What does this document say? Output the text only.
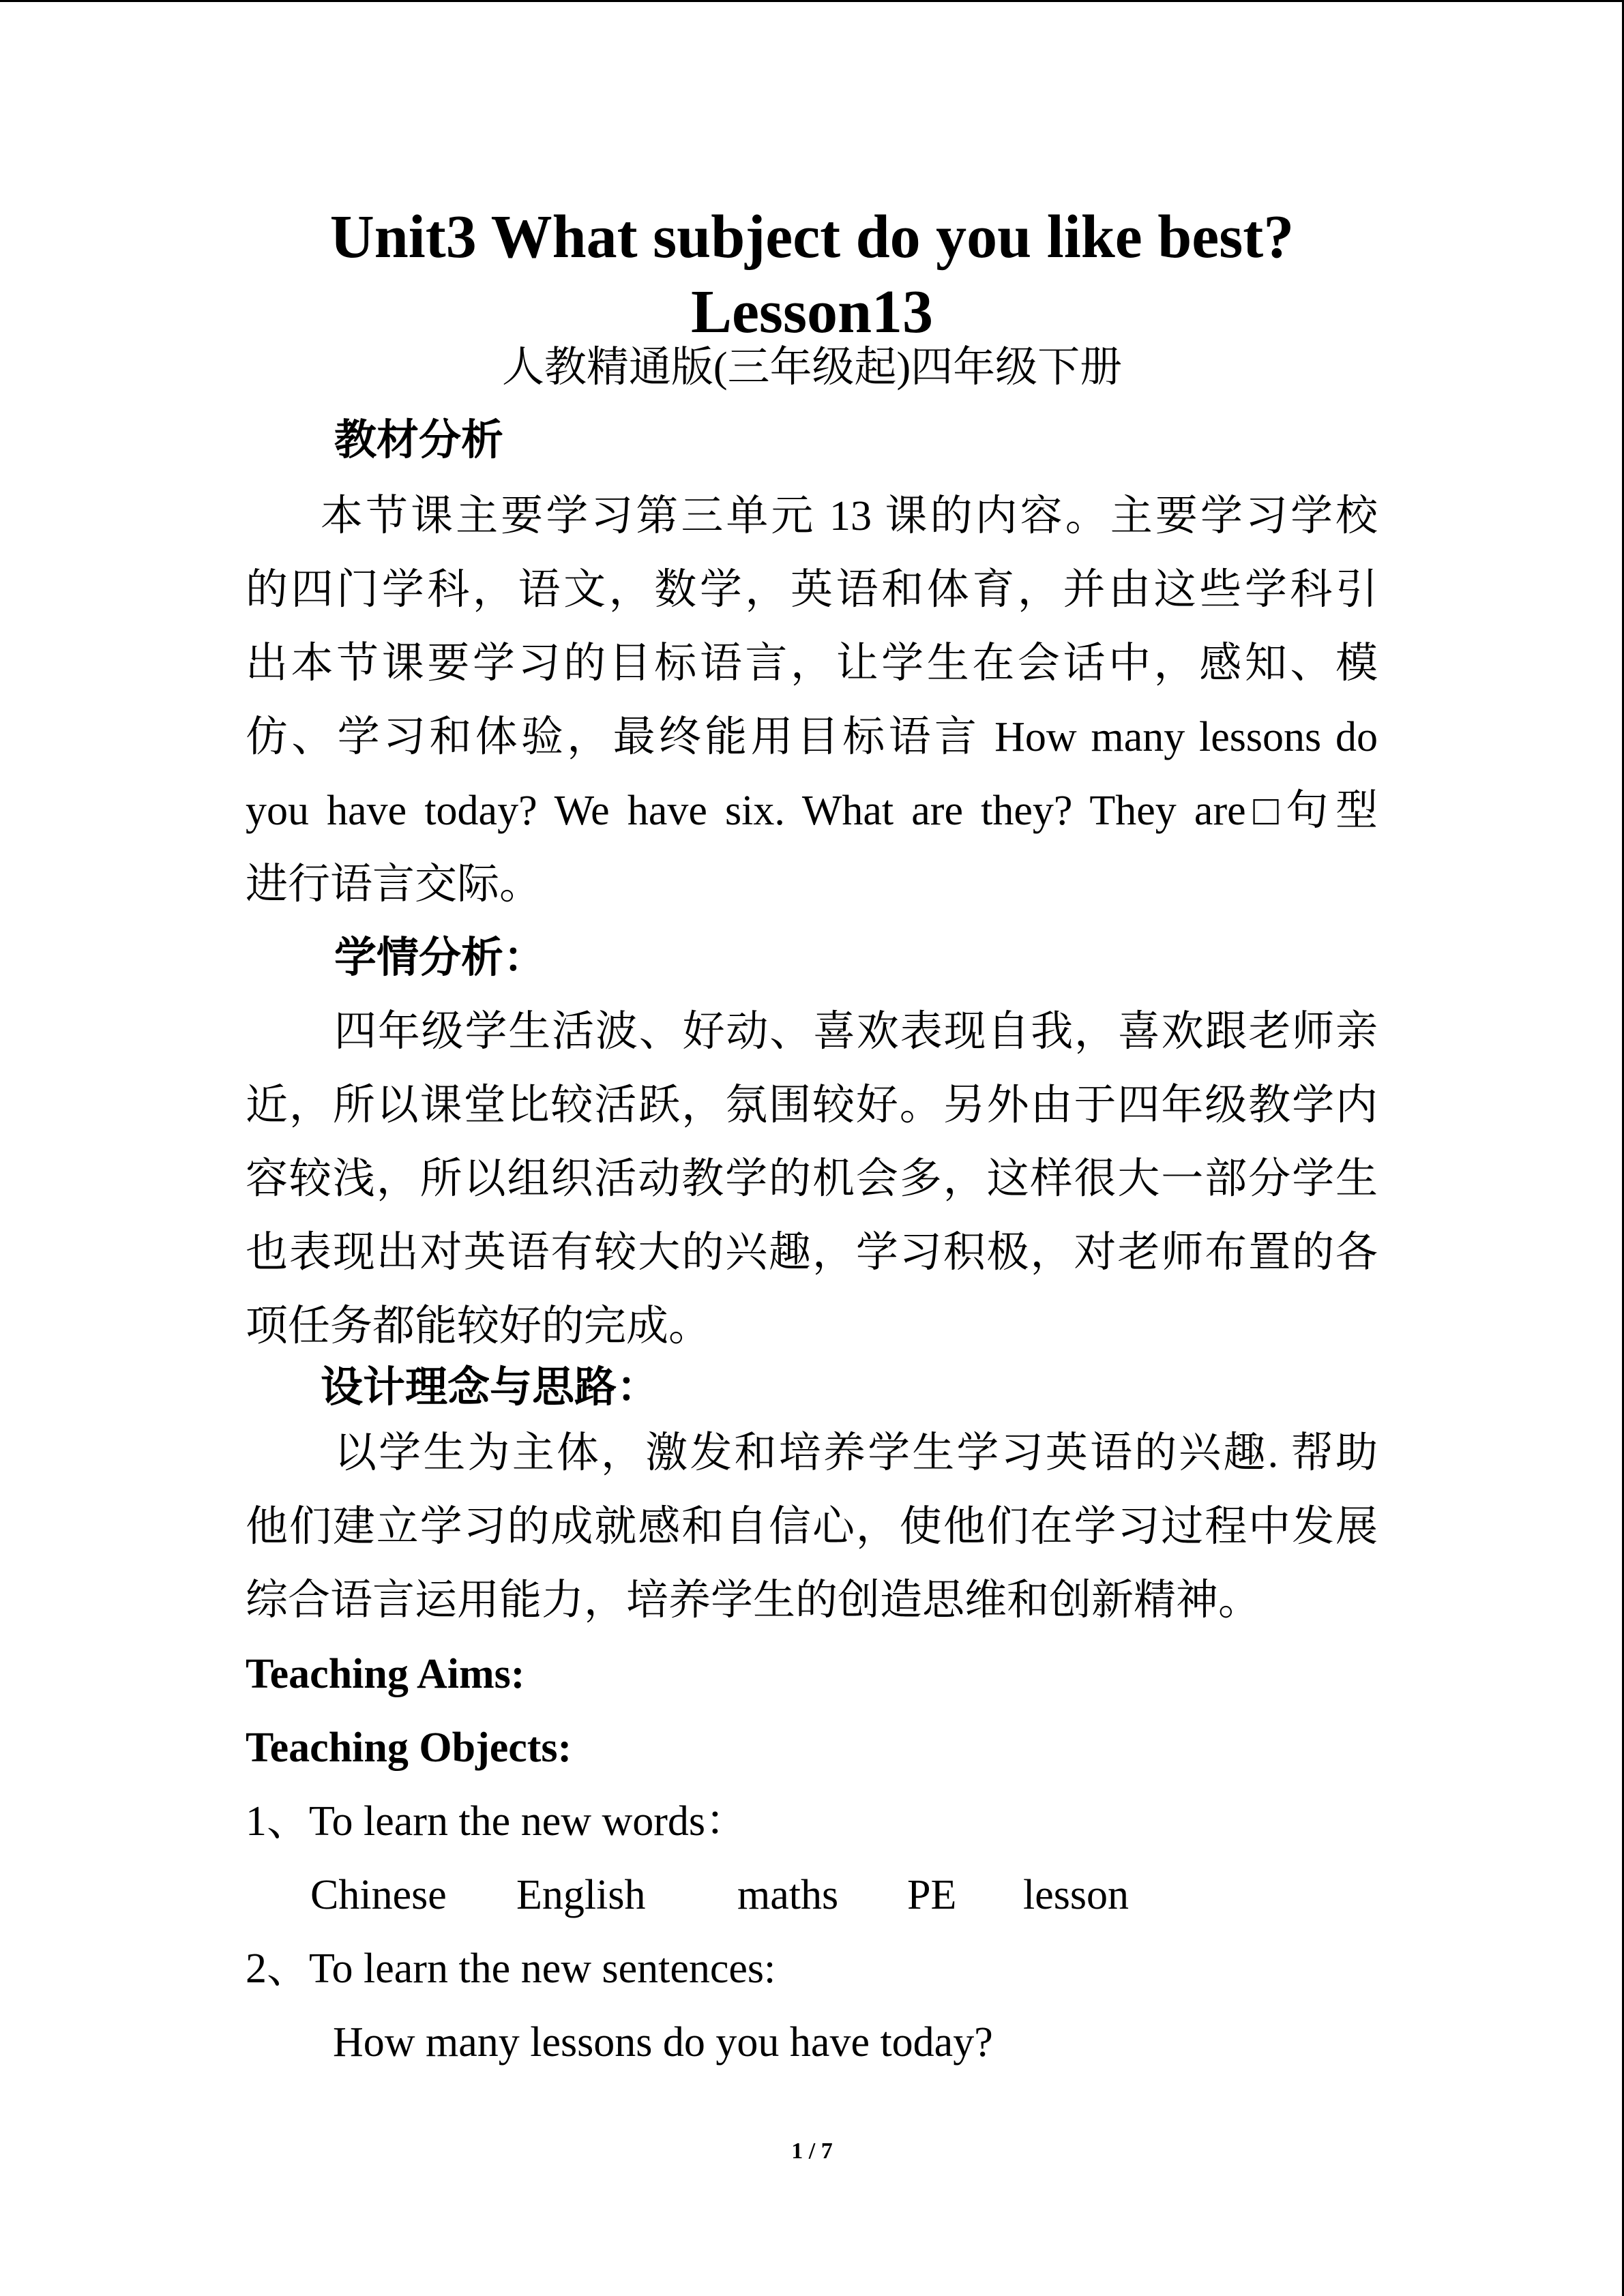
Unit3 What subject do you like best?
Lesson13
人教精通版(三年级起)四年级下册
教材分析
本节课主要学习第三单元 13 课的内容。主要学习学校
的四门学科，语文，数学，英语和体育，并由这些学科引
出本节课要学习的目标语言，让学生在会话中，感知、模
仿、学习和体验，最终能用目标语言 How many lessons do
you have today? We have six. What are they? They are□句型
进行语言交际。
学情分析：
四年级学生活波、好动、喜欢表现自我，喜欢跟老师亲
近，所以课堂比较活跃，氛围较好。另外由于四年级教学内
容较浅，所以组织活动教学的机会多，这样很大一部分学生
也表现出对英语有较大的兴趣，学习积极，对老师布置的各
项任务都能较好的完成。
设计理念与思路：
以学生为主体，激发和培养学生学习英语的兴趣. 帮助
他们建立学习的成就感和自信心，使他们在学习过程中发展
综合语言运用能力，培养学生的创造思维和创新精神。
Teaching Aims:
Teaching Objects:
1、To learn the new words：
Chinese English maths PE lesson
2、To learn the new sentences:
How many lessons do you have today?
1 / 7
